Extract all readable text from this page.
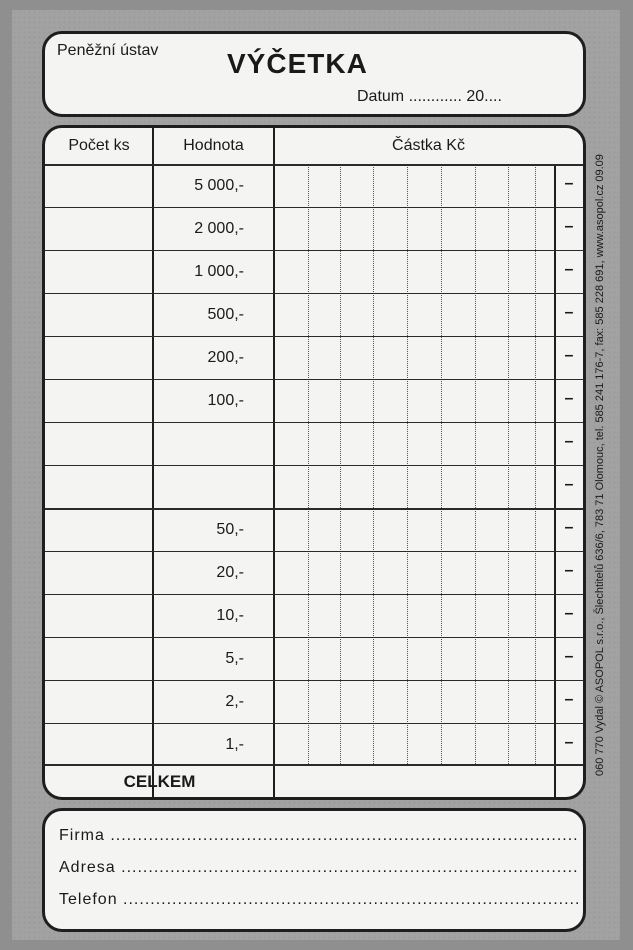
Peněžní ústav VÝČETKA
Datum ............ 20....
Počet ks	Hodnota	Částka Kč
5 000,-
2 000,-
1 000,-
500,-
200,-
100,-
50,-
20,-
10,-
5,-
2,-
1,-
–
–
–
–
–
–
–
–
–
–
–
–
–
–
CELKEM
Firma ......................................................................................
Adresa ....................................................................................
Telefon ....................................................................................
060 770 Vydal © ASOPOL s.r.o., Šlechtitelů 636/6, 783 71 Olomouc, tel. 585 241 176-7, fax: 585 228 691, www.asopol.cz 09.09
